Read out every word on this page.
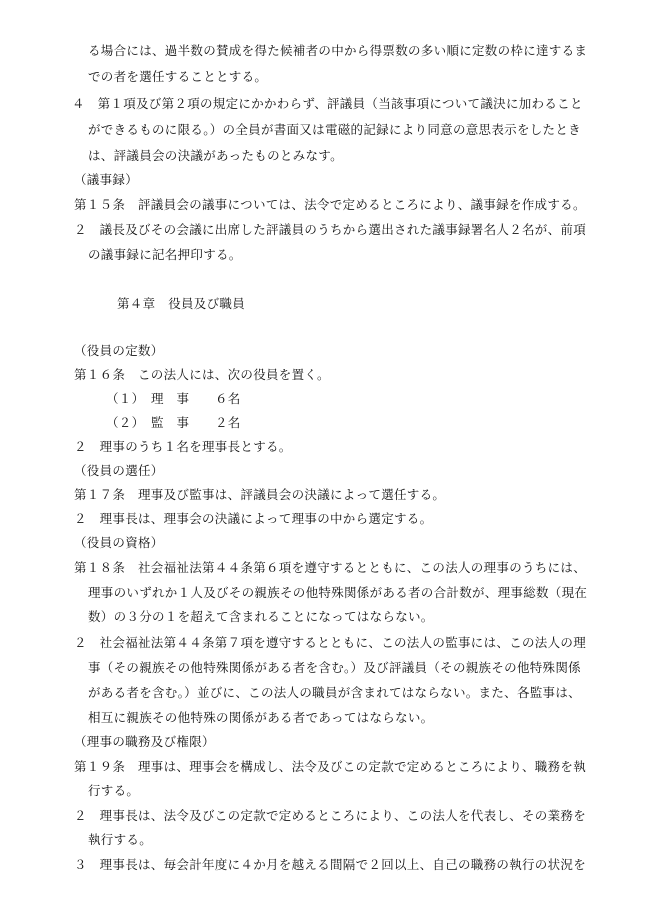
る場合には、過半数の賛成を得た候補者の中から得票数の多い順に定数の枠に達するま

での者を選任することとする。

４　第１項及び第２項の規定にかかわらず、評議員（当該事項について議決に加わること

ができるものに限る。）の全員が書面又は電磁的記録により同意の意思表示をしたとき

は、評議員会の決議があったものとみなす。

（議事録）

第１５条　評議員会の議事については、法令で定めるところにより、議事録を作成する。

２　議長及びその会議に出席した評議員のうちから選出された議事録署名人２名が、前項

の議事録に記名押印する。

第４章　役員及び職員

（役員の定数）

第１６条　この法人には、次の役員を置く。

（１）　理　事　　６名

（２）　監　事　　２名

２　理事のうち１名を理事長とする。

（役員の選任）

第１７条　理事及び監事は、評議員会の決議によって選任する。

２　理事長は、理事会の決議によって理事の中から選定する。

（役員の資格）

第１８条　社会福祉法第４４条第６項を遵守するとともに、この法人の理事のうちには、

理事のいずれか１人及びその親族その他特殊関係がある者の合計数が、理事総数（現在

数）の３分の１を超えて含まれることになってはならない。

２　社会福祉法第４４条第７項を遵守するとともに、この法人の監事には、この法人の理

事（その親族その他特殊関係がある者を含む。）及び評議員（その親族その他特殊関係

がある者を含む。）並びに、この法人の職員が含まれてはならない。また、各監事は、

相互に親族その他特殊の関係がある者であってはならない。

（理事の職務及び権限）

第１９条　理事は、理事会を構成し、法令及びこの定款で定めるところにより、職務を執

行する。

２　理事長は、法令及びこの定款で定めるところにより、この法人を代表し、その業務を

執行する。

３　理事長は、毎会計年度に４か月を越える間隔で２回以上、自己の職務の執行の状況を
